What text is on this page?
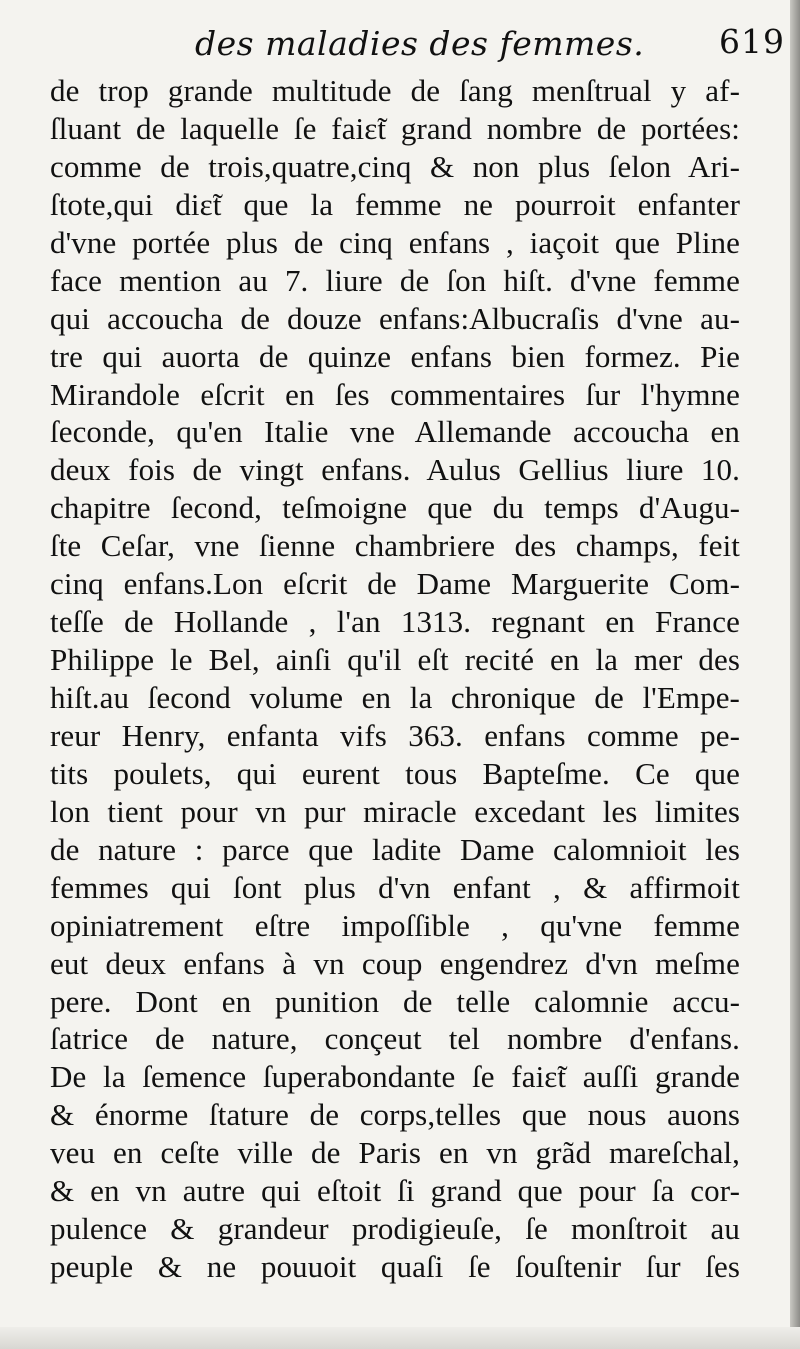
des maladies des femmes. 619
de trop grande multitude de ſang menſtrual y af-
ſluant de laquelle ſe faiɛ̃t grand nombre de portées:
comme de trois,quatre,cinq & non plus ſelon Ari-
ſtote,qui diɛ̃t que la femme ne pourroit enfanter
d'vne portée plus de cinq enfans , iaçoit que Pline
face mention au 7. liure de ſon hiſt. d'vne femme
qui accoucha de douze enfans:Albucraſis d'vne au-
tre qui auorta de quinze enfans bien formez. Pie
Mirandole eſcrit en ſes commentaires ſur l'hymne
ſeconde, qu'en Italie vne Allemande accoucha en
deux fois de vingt enfans. Aulus Gellius liure 10.
chapitre ſecond, teſmoigne que du temps d'Augu-
ſte Ceſar, vne ſienne chambriere des champs, feit
cinq enfans.Lon eſcrit de Dame Marguerite Com-
teſſe de Hollande , l'an 1313. regnant en France
Philippe le Bel, ainſi qu'il eſt recité en la mer des
hiſt.au ſecond volume en la chronique de l'Empe-
reur Henry, enfanta vifs 363. enfans comme pe-
tits poulets, qui eurent tous Bapteſme. Ce que
lon tient pour vn pur miracle excedant les limites
de nature : parce que ladite Dame calomnioit les
femmes qui ſont plus d'vn enfant , & affirmoit
opiniatrement eſtre impoſſible , qu'vne femme
eut deux enfans à vn coup engendrez d'vn meſme
pere. Dont en punition de telle calomnie accu-
ſatrice de nature, conçeut tel nombre d'enfans.
De la ſemence ſuperabondante ſe faiɛ̃t auſſi grande
& énorme ſtature de corps,telles que nous auons
veu en ceſte ville de Paris en vn grãd mareſchal,
& en vn autre qui eſtoit ſi grand que pour ſa cor-
pulence & grandeur prodigieuſe, ſe monſtroit au
peuple & ne pouuoit quaſi ſe ſouſtenir ſur ſes
